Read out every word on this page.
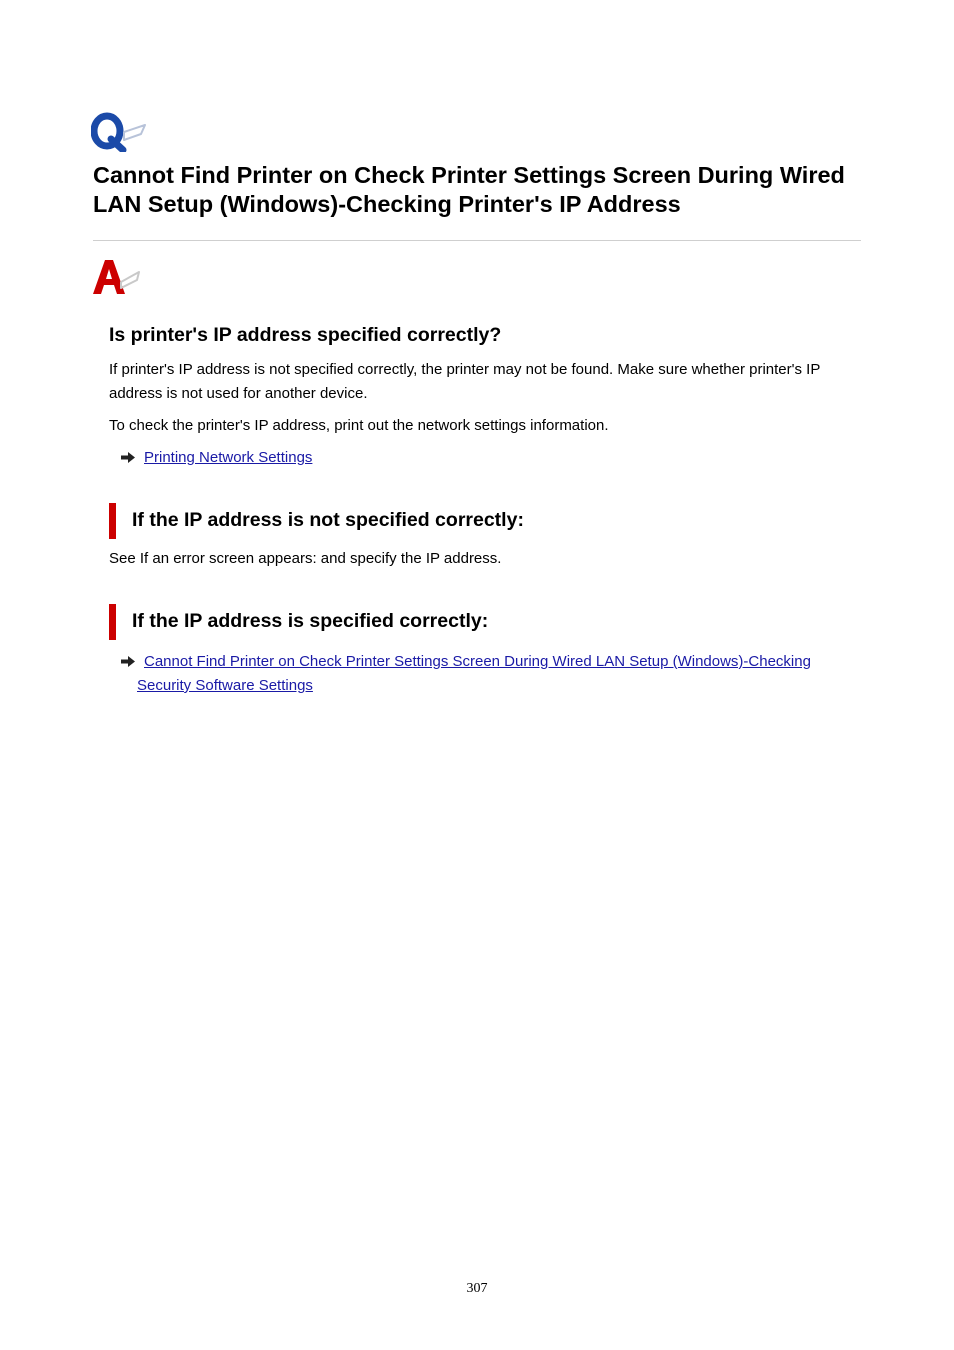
Cannot Find Printer on Check Printer Settings Screen During Wired LAN Setup (Windows)-Checking Printer's IP Address
Is printer's IP address specified correctly?

If printer's IP address is not specified correctly, the printer may not be found. Make sure whether printer's IP address is not used for another device.

To check the printer's IP address, print out the network settings information.

Printing Network Settings
If the IP address is not specified correctly:

See If an error screen appears: and specify the IP address.

If the IP address is specified correctly:
Cannot Find Printer on Check Printer Settings Screen During Wired LAN Setup (Windows)-Checking Security Software Settings
307
